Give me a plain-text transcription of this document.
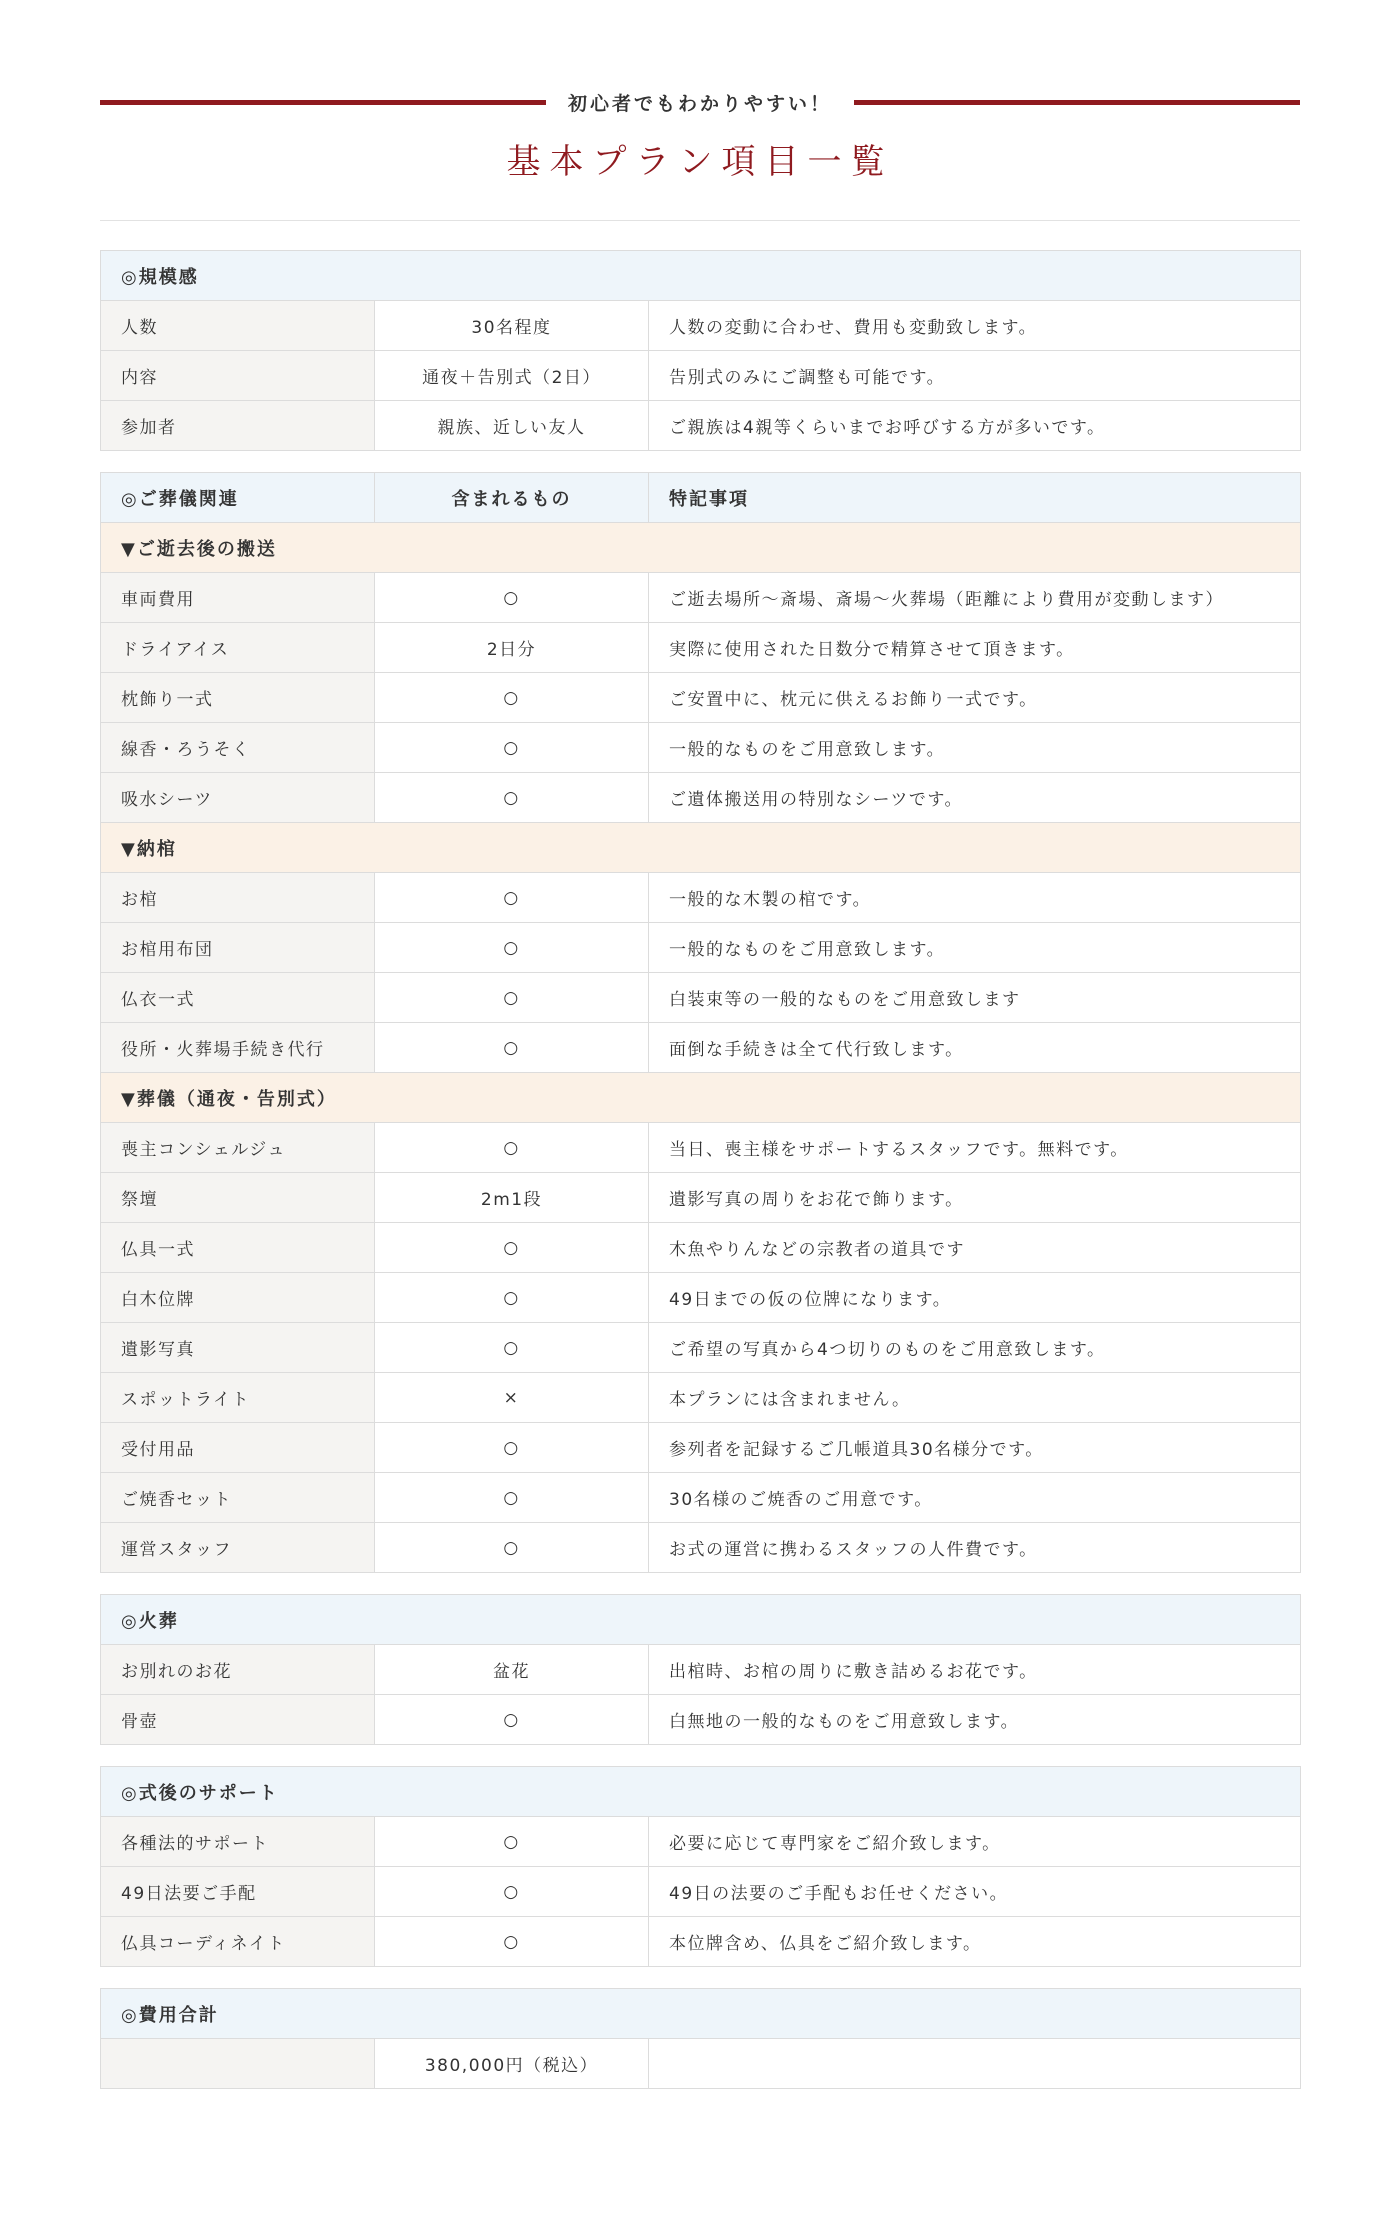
初心者でもわかりやすい！
基本プラン項目一覧
◎規模感		
人数	30名程度	人数の変動に合わせ、費用も変動致します。
内容	通夜＋告別式（2日）	告別式のみにご調整も可能です。
参加者	親族、近しい友人	ご親族は4親等くらいまでお呼びする方が多いです。
◎ご葬儀関連	含まれるもの	特記事項
▼ご逝去後の搬送		
車両費用	○	ご逝去場所～斎場、斎場～火葬場（距離により費用が変動します）
ドライアイス	2日分	実際に使用された日数分で精算させて頂きます。
枕飾り一式	○	ご安置中に、枕元に供えるお飾り一式です。
線香・ろうそく	○	一般的なものをご用意致します。
吸水シーツ	○	ご遺体搬送用の特別なシーツです。
▼納棺		
お棺	○	一般的な木製の棺です。
お棺用布団	○	一般的なものをご用意致します。
仏衣一式	○	白装束等の一般的なものをご用意致します
役所・火葬場手続き代行	○	面倒な手続きは全て代行致します。
▼葬儀（通夜・告別式）		
喪主コンシェルジュ	○	当日、喪主様をサポートするスタッフです。無料です。
祭壇	2m1段	遺影写真の周りをお花で飾ります。
仏具一式	○	木魚やりんなどの宗教者の道具です
白木位牌	○	49日までの仮の位牌になります。
遺影写真	○	ご希望の写真から4つ切りのものをご用意致します。
スポットライト	×	本プランには含まれません。
受付用品	○	参列者を記録するご几帳道具30名様分です。
ご焼香セット	○	30名様のご焼香のご用意です。
運営スタッフ	○	お式の運営に携わるスタッフの人件費です。
◎火葬		
お別れのお花	盆花	出棺時、お棺の周りに敷き詰めるお花です。
骨壺	○	白無地の一般的なものをご用意致します。
◎式後のサポート		
各種法的サポート	○	必要に応じて専門家をご紹介致します。
49日法要ご手配	○	49日の法要のご手配もお任せください。
仏具コーディネイト	○	本位牌含め、仏具をご紹介致します。
◎費用合計
	380,000円（税込）	
